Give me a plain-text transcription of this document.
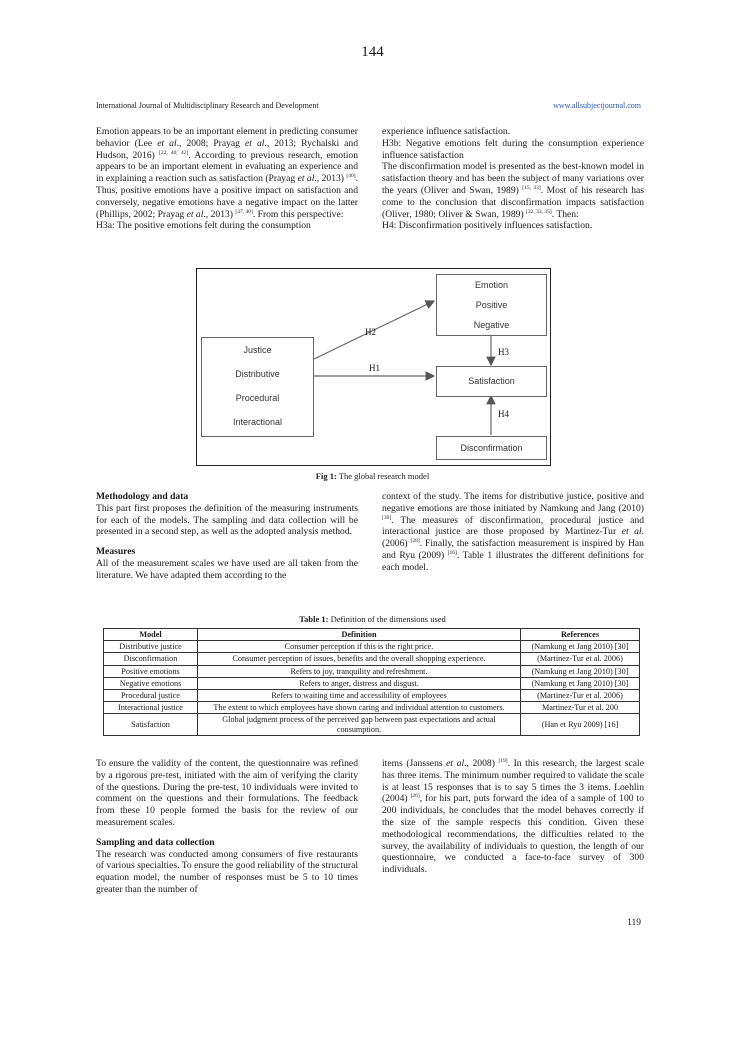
144
International Journal of Multidisciplinary Research and Development	www.allsubjectjournal.com

Emotion appears to be an important element in predicting consumer behavior (Lee et al., 2008; Prayag et al., 2013; Rychalski and Hudson, 2016) [22, 40, 42]. According to previous research, emotion appears to be an important element in evaluating an experience and in explaining a reaction such as satisfaction (Prayag et al., 2013) [40]. Thus, positive emotions have a positive impact on satisfaction and conversely, negative emotions have a negative impact on the latter (Phillips, 2002; Prayag et al., 2013) [37, 40]. From this perspective:
H3a: The positive emotions felt during the consumption

experience influence satisfaction.
H3b: Negative emotions felt during the consumption experience influence satisfaction
The disconfirmation model is presented as the best-known model in satisfaction theory and has been the subject of many variations over the years (Oliver and Swan, 1989) [15, 33]. Most of his research has come to the conclusion that disconfirmation impacts satisfaction (Oliver, 1980; Oliver & Swan, 1989) [32, 33, 35]. Then:
H4: Disconfirmation positively influences satisfaction.

Emotion
Positive
Negative
Justice
Distributive
Procedural
Interactional
Satisfaction
Disconfirmation
H2
H1
H3
H4
Fig 1: The global research model
Methodology and data

This part first proposes the definition of the measuring instruments for each of the models. The sampling and data collection will be presented in a second step, as well as the adopted analysis method.

Measures

All of the measurement scales we have used are all taken from the literature. We have adapted them according to the

context of the study. The items for distributive justice, positive and negative emotions are those initiated by Namkung and Jang (2010) [30]. The measures of disconfirmation, procedural justice and interactional justice are those proposed by Martinez-Tur et al. (2006) [28]. Finally, the satisfaction measurement is inspired by Han and Ryu (2009) [16]. Table 1 illustrates the different definitions for each model.

Table 1: Definition of the dimensions used
Model	Definition	References
Distributive justice	Consumer perception if this is the right price.	(Namkung et Jang 2010) [30]
Disconfirmation	Consumer perception of issues, benefits and the overall shopping experience.	(Martinez-Tur et al. 2006)
Positive emotions	Refers to joy, tranquility and refreshment.	(Namkung et Jang 2010) [30]
Negative emotions	Refers to anger, distress and disgust.	(Namkung et Jang 2010) [30]
Procedural justice	Refers to waiting time and accessibility of employees	(Martinez-Tur et al. 2006)
Interactional justice	The extent to which employees have shown caring and individual attention to customers.	Martinez-Tur et al. 200
Satisfaction	Global judgment process of the perceived gap between past expectations and actual consumption.	(Han et Ryu 2009) [16]

To ensure the validity of the content, the questionnaire was refined by a rigorous pre-test, initiated with the aim of verifying the clarity of the questions. During the pre-test, 10 individuals were invited to comment on the questions and their formulations. The feedback from these 10 people formed the basis for the review of our measurement scales.

Sampling and data collection

The research was conducted among consumers of five restaurants of various specialties. To ensure the good reliability of the structural equation model, the number of responses must be 5 to 10 times greater than the number of

items (Janssens et al., 2008) [19]. In this research, the largest scale has three items. The minimum number required to validate the scale is at least 15 responses that is to say 5 times the 3 items. Loehlin (2004) [26], for his part, puts forward the idea of a sample of 100 to 200 individuals, he concludes that the model behaves correctly if the size of the sample respects this condition. Given these methodological recommendations, the difficulties related to the survey, the availability of individuals to question, the length of our questionnaire, we conducted a face-to-face survey of 300 individuals.

119
